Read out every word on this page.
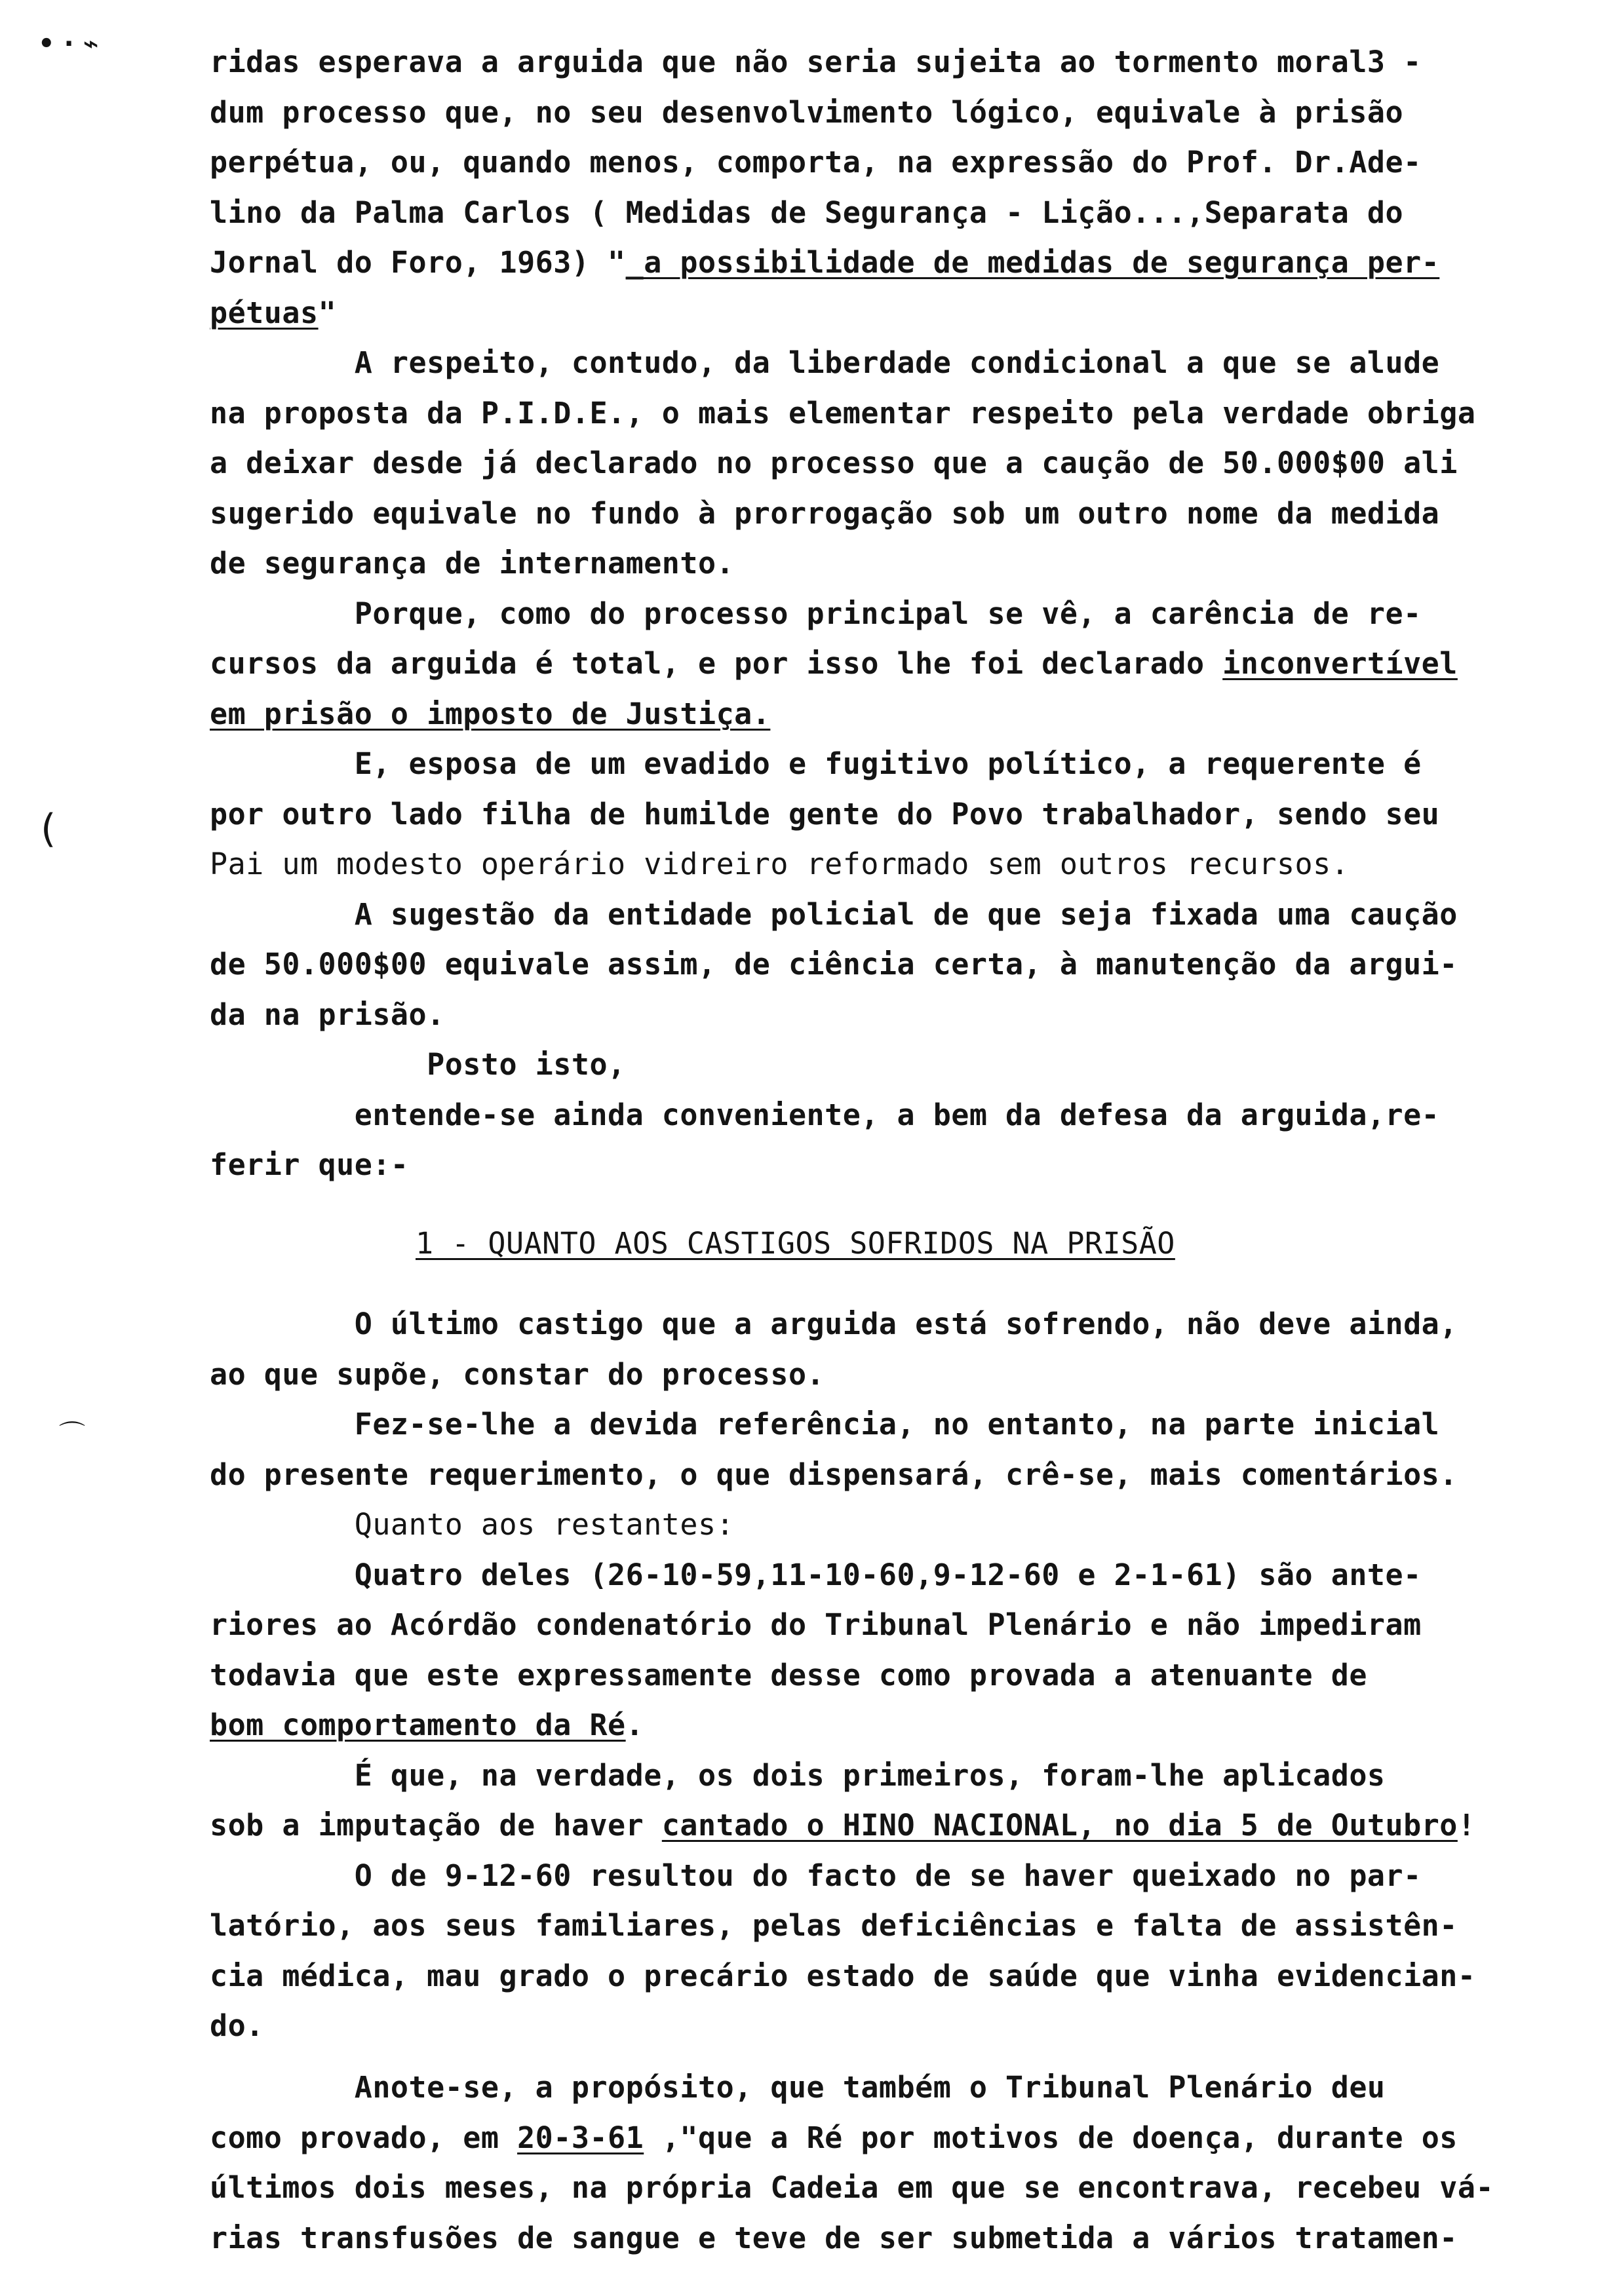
• · ⌁
(
⌒
ridas esperava a arguida que não seria sujeita ao tormento moral3 -
dum processo que, no seu desenvolvimento lógico, equivale à prisão
perpétua, ou, quando menos, comporta, na expressão do Prof. Dr.Ade-
lino da Palma Carlos ( Medidas de Segurança - Lição...,Separata do
Jornal do Foro, 1963) "_a possibilidade de medidas de segurança per-
pétuas"
A respeito, contudo, da liberdade condicional a que se alude
na proposta da P.I.D.E., o mais elementar respeito pela verdade obriga
a deixar desde já declarado no processo que a caução de 50.000$00 ali
sugerido equivale no fundo à prorrogação sob um outro nome da medida
de segurança de internamento.
Porque, como do processo principal se vê, a carência de re-
cursos da arguida é total, e por isso lhe foi declarado inconvertível
em prisão o imposto de Justiça.
E, esposa de um evadido e fugitivo político, a requerente é
por outro lado filha de humilde gente do Povo trabalhador, sendo seu
Pai um modesto operário vidreiro reformado sem outros recursos.
A sugestão da entidade policial de que seja fixada uma caução
de 50.000$00 equivale assim, de ciência certa, à manutenção da argui-
da na prisão.
Posto isto,
entende-se ainda conveniente, a bem da defesa da arguida,re-
ferir que:-
1 - QUANTO AOS CASTIGOS SOFRIDOS NA PRISÃO
O último castigo que a arguida está sofrendo, não deve ainda,
ao que supõe, constar do processo.
Fez-se-lhe a devida referência, no entanto, na parte inicial
do presente requerimento, o que dispensará, crê-se, mais comentários.
Quanto aos restantes:
Quatro deles (26-10-59,11-10-60,9-12-60 e 2-1-61) são ante-
riores ao Acórdão condenatório do Tribunal Plenário e não impediram
todavia que este expressamente desse como provada a atenuante de
bom comportamento da Ré.
É que, na verdade, os dois primeiros, foram-lhe aplicados
sob a imputação de haver cantado o HINO NACIONAL, no dia 5 de Outubro!
O de 9-12-60 resultou do facto de se haver queixado no par-
latório, aos seus familiares, pelas deficiências e falta de assistên-
cia médica, mau grado o precário estado de saúde que vinha evidencian-
do.
Anote-se, a propósito, que também o Tribunal Plenário deu
como provado, em 20-3-61 ,"que a Ré por motivos de doença, durante os
últimos dois meses, na própria Cadeia em que se encontrava, recebeu vá-
rias transfusões de sangue e teve de ser submetida a vários tratamen-
